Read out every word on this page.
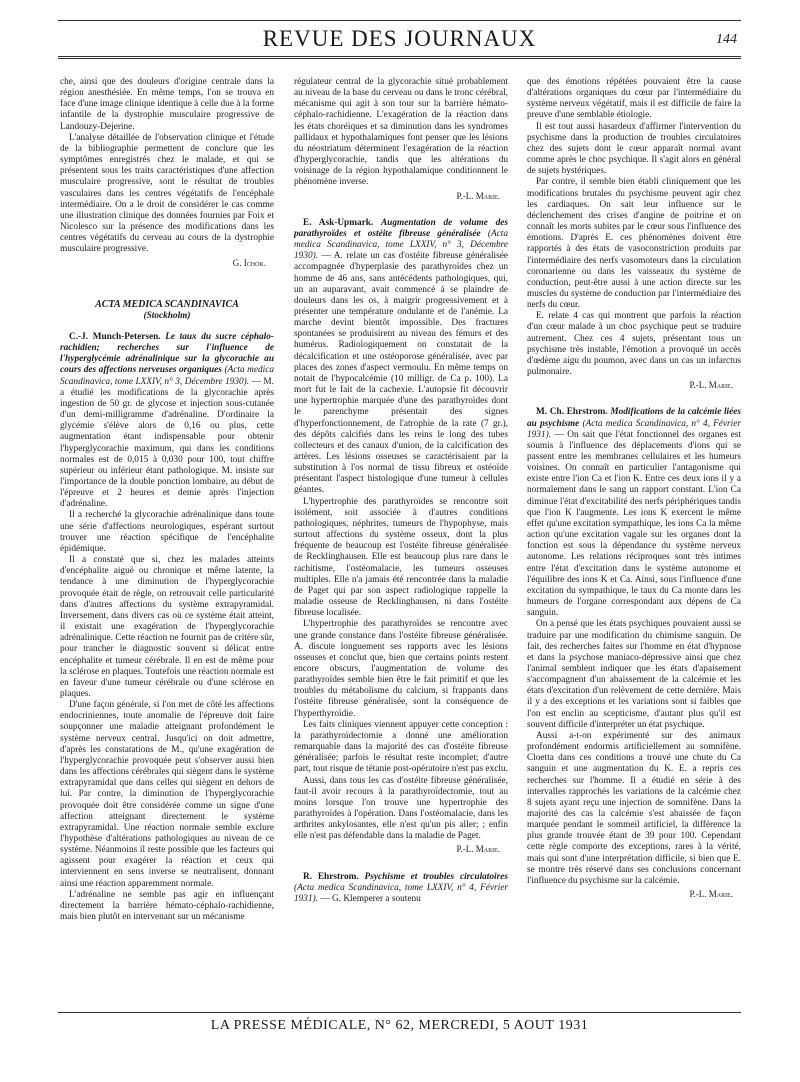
REVUE DES JOURNAUX	144

che, ainsi que des douleurs d'origine centrale dans la région anesthésiée. En même temps, l'on se trouva en face d'une image clinique identique à celle due à la forme infantile de la dystrophie musculaire progressive de Landouzy-Dejerine.

L'analyse détaillée de l'observation clinique et l'étude de la bibliographie permettent de conclure que les symptômes enregistrés chez le malade, et qui se présentent sous les traits caractéristiques d'une affection musculaire progressive, sont le résultat de troubles vasculaires dans les centres végétatifs de l'encéphale intermédiaire. On a le droit de considérer le cas comme une illustration clinique des données fournies par Foix et Nicolesco sur la présence des modifications dans les centres végétatifs du cerveau au cours de la dystrophie musculaire progressive.

G. Ichok.
ACTA MEDICA SCANDINAVICA
(Stockholm)

C.-J. Munch-Petersen. Le taux du sucre céphalo-rachidien; recherches sur l'influence de l'hyperglycémie adrénalinique sur la glycorachie au cours des affections nerveuses organiques (Acta medica Scandinavica, tome LXXIV, n° 3, Décembre 1930). — M. a étudié les modifications de la glycorachie après ingestion de 50 gr. de glycose et injection sous-cutanée d'un demi-milligramme d'adrénaline. D'ordinaire la glycémie s'élève alors de 0,16 ou plus, cette augmentation étant indispensable pour obtenir l'hyperglycorachie maximum, qui dans les conditions normales est de 0,015 à 0,030 pour 100, tout chiffre supérieur ou inférieur étant pathologique. M. insiste sur l'importance de la double ponction lombaire, au début de l'épreuve et 2 heures et demie après l'injection d'adrénaline.

Il a recherché la glycorachie adrénalinique dans toute une série d'affections neurologiques, espérant surtout trouver une réaction spécifique de l'encéphalite épidémique.

Il a constaté que si, chez les malades atteints d'encéphalite aiguë ou chronique et même latente, la tendance à une diminution de l'hyperglycorachie provoquée était de règle, on retrouvait celle particularité dans d'autres affections du système extrapyramidal. Inversement, dans divers cas où ce système était atteint, il existait une exagération de l'hyperglycorachie adrénalinique. Cette réaction ne fournit pas de critère sûr, pour trancher le diagnostic souvent si délicat entre encéphalite et tumeur cérébrale. Il en est de même pour la sclérose en plaques. Toutefois une réaction normale est en faveur d'une tumeur cérébrale ou d'une sclérose en plaques.

D'une façon générale, si l'on met de côté les affections endocriniennes, toute anomalie de l'épreuve doit faire soupçonner une maladie atteignant profondément le système nerveux central. Jusqu'ici on doit admettre, d'après les constatations de M., qu'une exagération de l'hyperglycorachie provoquée peut s'observer aussi bien dans les affections cérébrales qui siègent dans le système extrapyramidal que dans celles qui siègent en dehors de lui. Par contre, la diminution de l'hyperglycorachie provoquée doit être considérée comme un signe d'une affection atteignant directement le système extrapyramidal. Une réaction normale semble exclure l'hypothèse d'altérations pathologiques au niveau de ce système. Néanmoins il reste possible que les facteurs qui agissent pour exagérer la réaction et ceux qui interviennent en sens inverse se neutralisent, donnant ainsi une réaction apparemment normale.

L'adrénaline ne semble pas agir en influençant directement la barrière hémato-céphalo-rachidienne, mais bien plutôt en intervenant sur un mécanisme

régulateur central de la glycorachie situé probablement au niveau de la base du cerveau ou dans le tronc cérébral, mécanisme qui agit à son tour sur la barrière hémato-céphalo-rachidienne. L'exagération de la réaction dans les états choréiques et sa diminution dans les syndromes pallidaux et hypothalamiques font penser que les lésions du néostriatum déterminent l'exagération de la réaction d'hyperglycorachie, tandis que les altérations du voisinage de la région hypothalamique conditionnent le phénomène inverse.

P.-L. Marie.

E. Ask-Upmark. Augmentation de volume des parathyroïdes et ostéite fibreuse généralisée (Acta medica Scandinavica, tome LXXIV, n° 3, Décembre 1930). — A. relate un cas d'ostéite fibreuse généralisée accompagnée d'hyperplasie des parathyroïdes chez un homme de 46 ans, sans antécédents pathologiques, qui, un an auparavant, avait commencé à se plaindre de douleurs dans les os, à maigrir progressivement et à présenter une température ondulante et de l'anémie. La marche devint bientôt impossible. Des fractures spontanées se produisirent au niveau des fémurs et des humérus. Radiologiquement on constatait de la décalcification et une ostéoporose généralisée, avec par places des zones d'aspect vermoulu. En même temps on notait de l'hypocalcémie (10 milligr. de Ca p. 100). La mort fut le fait de la cachexie. L'autopsie fit découvrir une hypertrophie marquée d'une des parathyroïdes dont le parenchyme présentait des signes d'hyperfonctionnement, de l'atrophie de la rate (7 gr.), des dépôts calcifiés dans les reins le long des tubes collecteurs et des canaux d'union, de la calcification des artères. Les lésions osseuses se caractérisaient par la substitution à l'os normal de tissu fibreux et ostéoïde présentant l'aspect histologique d'une tumeur à cellules géantes.

L'hypertrophie des parathyroïdes se rencontre soit isolément, soit associée à d'autres conditions pathologiques, néphrites, tumeurs de l'hypophyse, mais surtout affections du système osseux, dont la plus fréquente de beaucoup est l'ostéite fibreuse généralisée de Recklinghausen. Elle est beaucoup plus rare dans le rachitisme, l'ostéomalacie, les tumeurs osseuses multiples. Elle n'a jamais été rencontrée dans la maladie de Paget qui par son aspect radiologique rappelle la maladie osseuse de Recklinghausen, ni dans l'ostéite fibreuse localisée.

L'hypertrophie des parathyroïdes se rencontre avec une grande constance dans l'ostéite fibreuse généralisée. A. discute longuement ses rapports avec les lésions osseuses et conclut que, bien que certains points restent encore obscurs, l'augmentation de volume des parathyroïdes semble bien être le fait primitif et que les troubles du métabolisme du calcium, si frappants dans l'ostéite fibreuse généralisée, sont la conséquence de l'hyperthyroïdie.

Les faits cliniques viennent appuyer cette conception : la parathyroïdectomie a donné une amélioration remarquable dans la majorité des cas d'ostéite fibreuse généralisée; parfois le résultat reste incomplet; d'autre part, tout risque de tétanie post-opératoire n'est pas exclu.

Aussi, dans tous les cas d'ostéite fibreuse généralisée, faut-il avoir recours à la parathyroïdectomie, tout au moins lorsque l'on trouve une hypertrophie des parathyroïdes à l'opération. Dans l'ostéomalacie, dans les arthrites ankylosantes, elle n'est qu'un pis aller; ; enfin elle n'est pas défendable dans la maladie de Paget.

P.-L. Marie.

R. Ehrstrom. Psychisme et troubles circulatoires (Acta medica Scandinavica, tome LXXIV, n° 4, Février 1931). — G. Klemperer a soutenu

que des émotions répétées pouvaient être la cause d'altérations organiques du cœur par l'intermédiaire du système nerveux végétatif, mais il est difficile de faire la preuve d'une semblable étiologie.

Il est tout aussi hasardeux d'affirmer l'intervention du psychisme dans la production de troubles circulatoires chez des sujets dont le cœur apparaît normal avant comme après le choc psychique. Il s'agit alors en général de sujets hystériques.

Par contre, il semble bien établi cliniquement que les modifications brutales du psychisme peuvent agir chez les cardiaques. On sait leur influence sur le déclenchement des crises d'angine de poitrine et on connaît les morts subites par le cœur sous l'influence des émotions. D'après E. ces phénomènes doivent être rapportés à des états de vasoconstriction produits par l'intermédiaire des nerfs vasomoteurs dans la circulation coronarienne ou dans les vaisseaux du système de conduction, peut-être aussi à une action directe sur les muscles du système de conduction par l'intermédiaire des nerfs du cœur.

E. relate 4 cas qui montrent que parfois la réaction d'un cœur malade à un choc psychique peut se traduire autrement. Chez ces 4 sujets, présentant tous un psychisme très instable, l'émotion a provoqué un accès d'œdème aigu du poumon, avec dans un cas un infarctus pulmonaire.

P.-L. Marie.

M. Ch. Ehrstrom. Modifications de la calcémie liées au psychisme (Acta medica Scandinavica, n° 4, Février 1931). — On sait que l'état fonctionnel des organes est soumis à l'influence des déplacements d'ions qui se passent entre les membranes cellulaires et les humeurs voisines. On connaît en particulier l'antagonisme qui existe entre l'ion Ca et l'ion K. Entre ces deux ions il y a normalement dans le sang un rapport constant. L'ion Ca diminue l'état d'excitabilité des nerfs périphériques tandis que l'ion K l'augmente. Les ions K exercent le même effet qu'une excitation sympathique, les ions Ca la même action qu'une excitation vagale sur les organes dont la fonction est sous la dépendance du système nerveux autonome. Les relations réciproques sont très intimes entre l'état d'excitation dans le système autonome et l'équilibre des ions K et Ca. Ainsi, sous l'influence d'une excitation du sympathique, le taux du Ca monte dans les humeurs de l'organe correspondant aux dépens de Ca sanguin.

On a pensé que les états psychiques pouvaient aussi se traduire par une modification du chimisme sanguin. De fait, des recherches faites sur l'homme en état d'hypnose et dans la psychose maniaco-dépressive ainsi que chez l'animal semblent indiquer que les états d'apaisement s'accompagnent d'un abaissement de la calcémie et les états d'excitation d'un relèvement de cette dernière. Mais il y a des exceptions et les variations sont si faibles que l'on est enclin au scepticisme, d'autant plus qu'il est souvent difficile d'interpréter un état psychique.

Aussi a-t-on expérimenté sur des animaux profondément endormis artificiellement au somnifène. Cloetta dans ces conditions a trouvé une chute du Ca sanguin et une augmentation du K. E. a repris ces recherches sur l'homme. Il a étudié en série à des intervalles rapprochés les variations de la calcémie chez 8 sujets ayant reçu une injection de somnifène. Dans la majorité des cas la calcémie s'est abaissée de façon marquée pendant le sommeil artificiel, la différence la plus grande trouvée étant de 39 pour 100. Cependant cette règle comporte des exceptions, rares à la vérité, mais qui sont d'une interprétation difficile, si bien que E. se montre très réservé dans ses conclusions concernant l'influence du psychisme sur la calcémie.

P.-L. Marie.
LA PRESSE MÉDICALE, N° 62, MERCREDI, 5 AOUT 1931
